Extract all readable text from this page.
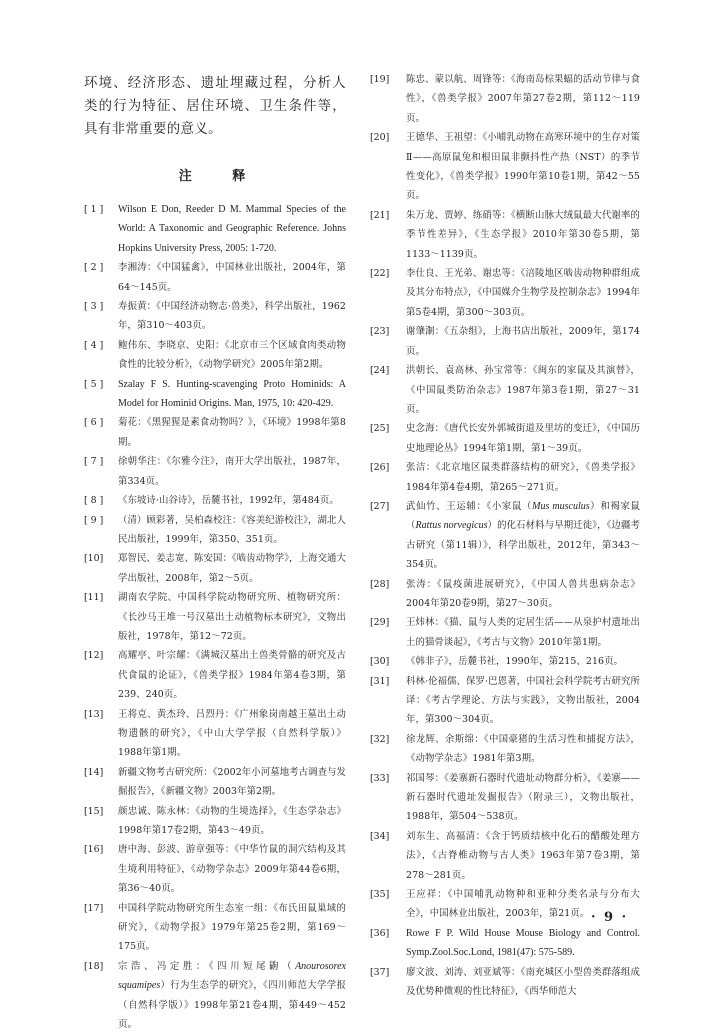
环境、经济形态、遗址埋藏过程，分析人类的行为特征、居住环境、卫生条件等，具有非常重要的意义。

注 释
[ 1 ]	Wilson E Don, Reeder D M. Mammal Species of the World: A Taxonomic and Geographic Reference. Johns Hopkins University Press, 2005: 1-720.
[ 2 ]	李湘涛：《中国猛禽》，中国林业出版社，2004年，第64～145页。
[ 3 ]	寿振黄：《中国经济动物志·兽类》，科学出版社，1962年，第310～403页。
[ 4 ]	鲍伟东、李晓京、史阳：《北京市三个区域食肉类动物食性的比较分析》，《动物学研究》2005年第2期。
[ 5 ]	Szalay F S. Hunting-scavenging Proto Hominids: A Model for Hominid Origins. Man, 1975, 10: 420-429.
[ 6 ]	菊花：《黑猩猩是素食动物吗？》，《环境》1998年第8期。
[ 7 ]	徐朝华注：《尔雅今注》，南开大学出版社，1987年，第334页。
[ 8 ]	《东坡诗·山谷诗》，岳麓书社，1992年，第484页。
[ 9 ]	（清）顾彩著，吴柏森校注：《容美纪游校注》，湖北人民出版社，1999年，第350、351页。
[10]	郑智民、姜志宽、陈安国：《啮齿动物学》，上海交通大学出版社，2008年，第2～5页。
[11]	湖南农学院、中国科学院动物研究所、植物研究所：《长沙马王堆一号汉墓出土动植物标本研究》，文物出版社，1978年，第12～72页。
[12]	高耀亭、叶宗耀：《满城汉墓出土兽类骨骼的研究及古代食鼠的论证》，《兽类学报》1984年第4卷3期，第239、240页。
[13]	王将克、黄杰玲、吕烈丹：《广州象岗南越王墓出土动物遗骸的研究》，《中山大学学报（自然科学版）》1988年第1期。
[14]	新疆文物考古研究所：《2002年小河墓地考古调查与发掘报告》，《新疆文物》2003年第2期。
[15]	颜忠诚、陈永林：《动物的生境选择》，《生态学杂志》1998年第17卷2期，第43～49页。
[16]	唐中海、彭波、游章强等：《中华竹鼠的洞穴结构及其生境利用特征》，《动物学杂志》2009年第44卷6期，第36～40页。
[17]	中国科学院动物研究所生态室一组：《布氏田鼠巢域的研究》，《动物学报》1979年第25卷2期，第169～175页。
[18]	宗浩、冯定胜：《四川短尾鼩（Anourosorex squamipes）行为生态学的研究》，《四川师范大学学报（自然科学版）》1998年第21卷4期，第449～452页。
[19]	陈忠、蒙以航、周锋等：《海南岛棕果蝠的活动节律与食性》，《兽类学报》2007年第27卷2期，第112～119页。
[20]	王德华、王祖望：《小哺乳动物在高寒环境中的生存对策Ⅱ——高原鼠兔和根田鼠非颤抖性产热（NST）的季节性变化》，《兽类学报》1990年第10卷1期，第42～55页。
[21]	朱万龙、贾婷、练硝等：《横断山脉大绒鼠最大代谢率的季节性差异》，《生态学报》2010年第30卷5期，第1133～1139页。
[22]	李仕良、王光弟、谢忠等：《涪陵地区啮齿动物种群组成及其分布特点》，《中国媒介生物学及控制杂志》1994年第5卷4期，第300～303页。
[23]	谢肇淛：《五杂组》，上海书店出版社，2009年，第174页。
[24]	洪朝长、袁高林、孙宝常等：《闽东的家鼠及其演替》，《中国鼠类防治杂志》1987年第3卷1期，第27～31页。
[25]	史念海：《唐代长安外郭城街道及里坊的变迁》，《中国历史地理论丛》1994年第1期，第1～39页。
[26]	张洁：《北京地区鼠类群落结构的研究》，《兽类学报》1984年第4卷4期，第265～271页。
[27]	武仙竹、王运辅：《小家鼠（Mus musculus）和褐家鼠（Rattus norvegicus）的化石材料与早期迁徙》，《边疆考古研究（第11辑）》，科学出版社，2012年，第343～354页。
[28]	张涛：《鼠疫菌进展研究》，《中国人兽共患病杂志》2004年第20卷9期，第27～30页。
[29]	王炜林：《猫、鼠与人类的定居生活——从泉护村遗址出土的猫骨谈起》，《考古与文物》2010年第1期。
[30]	《韩非子》，岳麓书社，1990年，第215、216页。
[31]	科林·伦福儒、保罗·巴恩著，中国社会科学院考古研究所译：《考古学理论、方法与实践》，文物出版社，2004年，第300～304页。
[32]	徐龙辉、余斯绵：《中国豪猪的生活习性和捕捉方法》，《动物学杂志》1981年第3期。
[33]	祁国琴：《姜寨新石器时代遗址动物群分析》，《姜寨——新石器时代遗址发掘报告》（附录三），文物出版社，1988年，第504～538页。
[34]	刘东生、高福清：《含于钙质结核中化石的醋酸处理方法》，《古脊椎动物与古人类》1963年第7卷3期，第278～281页。
[35]	王应祥：《中国哺乳动物种和亚种分类名录与分布大全》，中国林业出版社，2003年，第21页。
[36]	Rowe F P. Wild House Mouse Biology and Control. Symp.Zool.Soc.Lond, 1981(47): 575-589.
[37]	廖文波、刘涛、刘亚斌等：《南充城区小型兽类群落组成及优势种微观的性比特征》，《西华师范大
· 9 ·
